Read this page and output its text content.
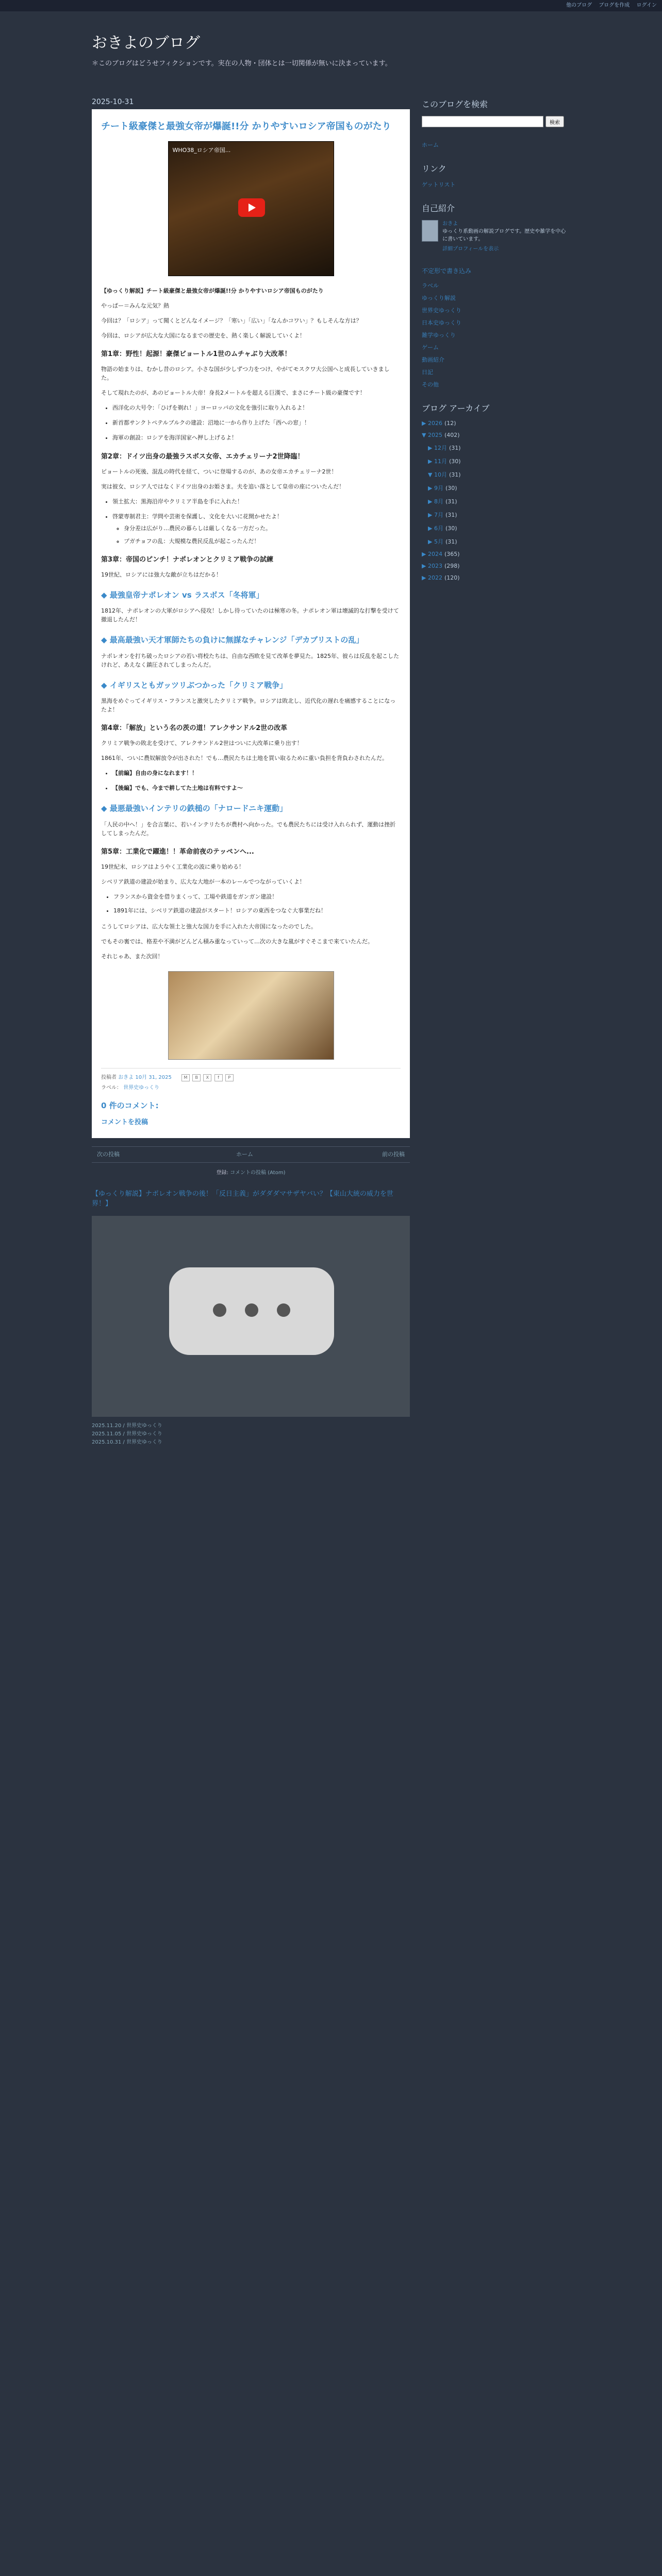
他のブログ ブログを作成 ログイン
おきよのブログ
＊このブログはどうせフィクションです。実在の人物・団体とは一切関係が無いに決まっています。
2025-10-31
チート級豪傑と最強女帝が爆誕!!分 かりやすいロシア帝国ものがたり
WHO38_ロシア帝国...

【ゆっくり解説】チート級豪傑と最強女帝が爆誕!!分 かりやすいロシア帝国ものがたり

やっぱー＝みんな元気？熱

今回は？「ロシア」って聞くとどんなイメージ？「寒い」「広い」「なんかコワい」？もしそんな方は？

今回は、ロシアが広大な大国になるまでの歴史を、熱く楽しく解説していくよ！

第1章：野性！起源！豪傑ビョートル1世のムチャぶり大改革！

物語の始まりは、むかし昔のロシア。小さな国が少しずつ力をつけ、やがてモスクワ大公国へと成長していきました。

そして現れたのが、あのビョートル大帝！身長2メートルを超える巨漢で、まさにチート級の豪傑です！

• 西洋化の大号令：「ひげを剃れ！」ヨーロッパの文化を強引に取り入れるよ！
• 新首都サンクトペテルブルクの建設：沼地に一から作り上げた「西への窓」！
• 海軍の創設：ロシアを海洋国家へ押し上げるよ！
第2章：ドイツ出身の最強ラスボス女帝、エカチェリーナ2世降臨！

ピョートルの死後、混乱の時代を経て、ついに登場するのが、あの女帝エカチェリーナ2世！

実は彼女、ロシア人ではなくドイツ出身のお姫さま。夫を追い落として皇帝の座についたんだ！

• 領土拡大：黒海沿岸やクリミア半島を手に入れた！
• 啓蒙専制君主：学問や芸術を保護し、文化を大いに花開かせたよ！
◦ 身分差は広がり…農民の暮らしは厳しくなる一方だった。
◦ プガチョフの乱：大規模な農民反乱が起こったんだ！
第3章：帝国のピンチ！ナポレオンとクリミア戦争の試練

19世紀、ロシアには強大な敵が立ちはだかる！

◆ 最強皇帝ナポレオン vs ラスボス「冬将軍」

1812年、ナポレオンの大軍がロシアへ侵攻！しかし待っていたのは極寒の冬。ナポレオン軍は壊滅的な打撃を受けて撤退したんだ！

◆ 最高最強い天才軍師たちの負けに無謀なチャレンジ「デカブリストの乱」

ナポレオンを打ち破ったロシアの若い将校たちは、自由な西欧を見て改革を夢見た。1825年、彼らは反乱を起こしたけれど、あえなく鎮圧されてしまったんだ。

◆ イギリスともガッツリぶつかった「クリミア戦争」

黒海をめぐってイギリス・フランスと激突したクリミア戦争。ロシアは敗北し、近代化の遅れを痛感することになったよ！

第4章：「解放」という名の茨の道！アレクサンドル2世の改革

クリミア戦争の敗北を受けて、アレクサンドル2世はついに大改革に乗り出す！

1861年、ついに農奴解放令が出された！でも…農民たちは土地を買い取るために重い負担を背負わされたんだ。

• 【前編】自由の身になれます！！
• 【後編】でも、今まで耕してた土地は有料ですよ〜
◆ 最悪最強いインテリの鉄槌の「ナロードニキ運動」

「人民の中へ！」を合言葉に、若いインテリたちが農村へ向かった。でも農民たちには受け入れられず、運動は挫折してしまったんだ。

第5章：工業化で躍進！！革命前夜のテッペンへ...

19世紀末、ロシアはようやく工業化の波に乗り始める！

シベリア鉄道の建設が始まり、広大な大地が一本のレールでつながっていくよ！

• フランスから資金を借りまくって、工場や鉄道をガンガン建設！
• 1891年には、シベリア鉄道の建設がスタート！ロシアの東西をつなぐ大事業だね！

こうしてロシアは、広大な領土と強大な国力を手に入れた大帝国になったのでした。

でもその裏では、格差や不満がどんどん積み重なっていって…次の大きな嵐がすぐそこまで来ていたんだ。

それじゃあ、また次回！

投稿者 おきよ 10月 31, 2025	M B X f P
ラベル： 世界史ゆっくり
0 件のコメント:
コメントを投稿
次の投稿	ホーム	前の投稿
登録: コメントの投稿 (Atom)
【ゆっくり解説】ナポレオン戦争の後！「反日主義」がダダダマサザヤバい？【東山大統の威力を世界！】
2025.11.20 / 世界史ゆっくり
2025.11.05 / 世界史ゆっくり
2025.10.31 / 世界史ゆっくり
このブログを検索
検索
ホーム
リンク
ゲットリスト
自己紹介
おきよ
ゆっくり系動画の解説ブログです。歴史や雑学を中心に書いています。
詳細プロフィールを表示
不定形で書き込み
ラベル
ゆっくり解説
世界史ゆっくり
日本史ゆっくり
雑学ゆっくり
ゲーム
動画紹介
日記
その他
ブログ アーカイブ
▶ 2026 (12)
▼ 2025 (402)
▶ 12月 (31)
▶ 11月 (30)
▼ 10月 (31)
▶ 9月 (30)
▶ 8月 (31)
▶ 7月 (31)
▶ 6月 (30)
▶ 5月 (31)
▶ 2024 (365)
▶ 2023 (298)
▶ 2022 (120)
